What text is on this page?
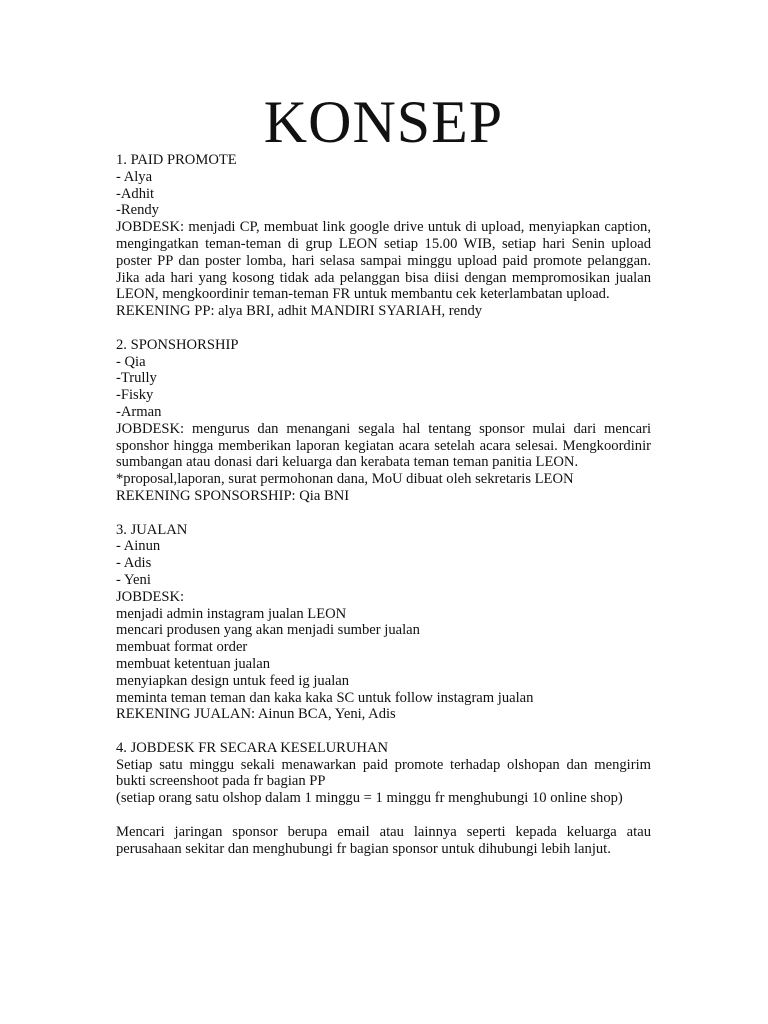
KONSEP

1. PAID PROMOTE

- Alya

-Adhit

-Rendy

JOBDESK: menjadi CP, membuat link google drive untuk di upload, menyiapkan caption, mengingatkan teman-teman di grup LEON setiap 15.00 WIB, setiap hari Senin upload poster PP dan poster lomba, hari selasa sampai minggu upload paid promote pelanggan. Jika ada hari yang kosong tidak ada pelanggan bisa diisi dengan mempromosikan jualan LEON, mengkoordinir teman-teman FR untuk membantu cek keterlambatan upload.

REKENING PP: alya BRI, adhit MANDIRI SYARIAH, rendy

2. SPONSHORSHIP

- Qia

-Trully

-Fisky

-Arman

JOBDESK: mengurus dan menangani segala hal tentang sponsor mulai dari mencari sponshor hingga memberikan laporan kegiatan acara setelah acara selesai. Mengkoordinir sumbangan atau donasi dari keluarga dan kerabata teman teman panitia LEON.

*proposal,laporan, surat permohonan dana, MoU dibuat oleh sekretaris LEON

REKENING SPONSORSHIP: Qia BNI

3. JUALAN

- Ainun

- Adis

- Yeni

JOBDESK:

menjadi admin instagram jualan LEON

mencari produsen yang akan menjadi sumber jualan

membuat format order

membuat ketentuan jualan

menyiapkan design untuk feed ig jualan

meminta teman teman dan kaka kaka SC untuk follow instagram jualan

REKENING JUALAN: Ainun BCA, Yeni, Adis

4. JOBDESK FR SECARA KESELURUHAN

Setiap satu minggu sekali menawarkan paid promote terhadap olshopan dan mengirim bukti screenshoot pada fr bagian PP

(setiap orang satu olshop dalam 1 minggu = 1 minggu fr menghubungi 10 online shop)

Mencari jaringan sponsor berupa email atau lainnya seperti kepada keluarga atau perusahaan sekitar dan menghubungi fr bagian sponsor untuk dihubungi lebih lanjut.
